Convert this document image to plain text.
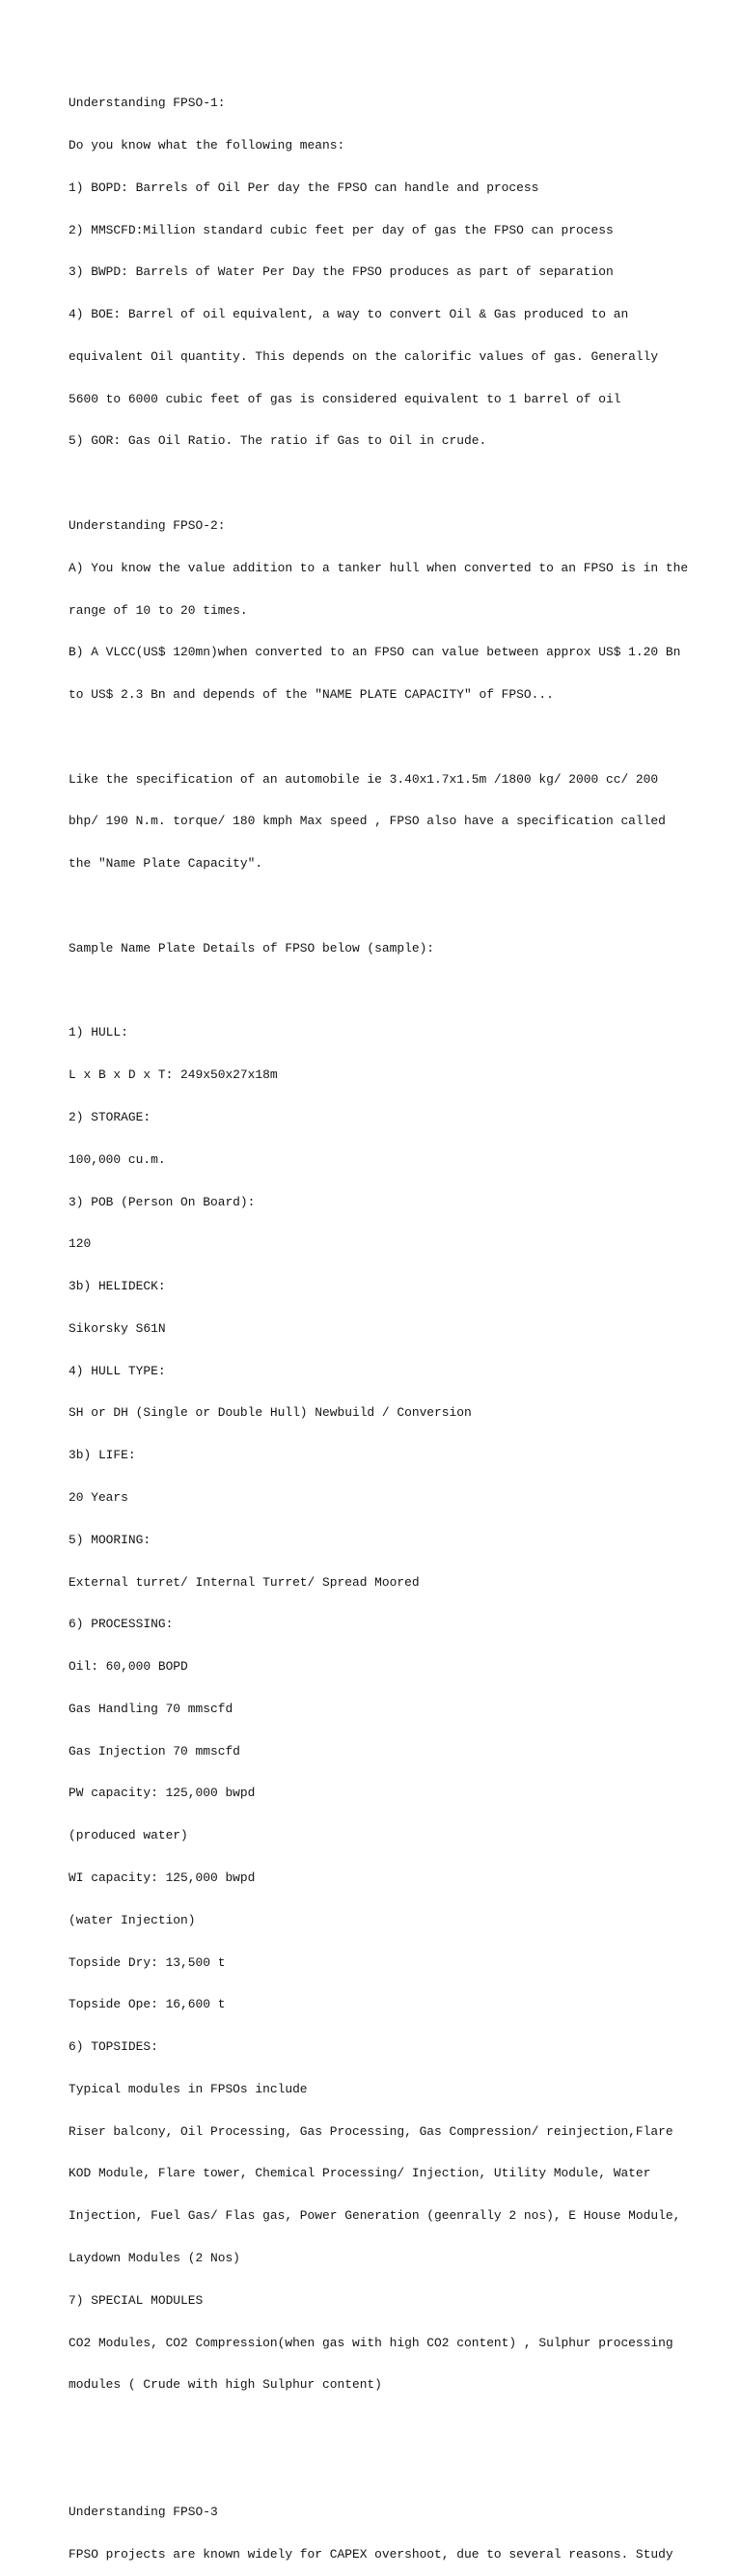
Understanding FPSO-1:

Do you know what the following means:

1) BOPD: Barrels of Oil Per day the FPSO can handle and process

2) MMSCFD:Million standard cubic feet per day of gas the FPSO can process

3) BWPD: Barrels of Water Per Day the FPSO produces as part of separation

4) BOE: Barrel of oil equivalent, a way to convert Oil & Gas produced to an

equivalent Oil quantity. This depends on the calorific values of gas. Generally

5600 to 6000 cubic feet of gas is considered equivalent to 1 barrel of oil

5) GOR: Gas Oil Ratio. The ratio if Gas to Oil in crude.

Understanding FPSO-2:

A) You know the value addition to a tanker hull when converted to an FPSO is in the

range of 10 to 20 times.

B) A VLCC(US$ 120mn)when converted to an FPSO can value between approx US$ 1.20 Bn

to US$ 2.3 Bn and depends of the "NAME PLATE CAPACITY" of FPSO...

Like the specification of an automobile ie 3.40x1.7x1.5m /1800 kg/ 2000 cc/ 200

bhp/ 190 N.m. torque/ 180 kmph Max speed , FPSO also have a specification called

the "Name Plate Capacity".

Sample Name Plate Details of FPSO below (sample):

1) HULL:

L x B x D x T: 249x50x27x18m

2) STORAGE:

100,000 cu.m.

3) POB (Person On Board):

120

3b) HELIDECK:

Sikorsky S61N

4) HULL TYPE:

SH or DH (Single or Double Hull) Newbuild / Conversion

3b) LIFE:

20 Years

5) MOORING:

External turret/ Internal Turret/ Spread Moored

6) PROCESSING:

Oil: 60,000 BOPD

Gas Handling 70 mmscfd

Gas Injection 70 mmscfd

PW capacity: 125,000 bwpd

(produced water)

WI capacity: 125,000 bwpd

(water Injection)

Topside Dry: 13,500 t

Topside Ope: 16,600 t

6) TOPSIDES:

Typical modules in FPSOs include

Riser balcony, Oil Processing, Gas Processing, Gas Compression/ reinjection,Flare

KOD Module, Flare tower, Chemical Processing/ Injection, Utility Module, Water

Injection, Fuel Gas/ Flas gas, Power Generation (geenrally 2 nos), E House Module,

Laydown Modules (2 Nos)

7) SPECIAL MODULES

CO2 Modules, CO2 Compression(when gas with high CO2 content) , Sulphur processing

modules ( Crude with high Sulphur content)

Understanding FPSO-3

FPSO projects are known widely for CAPEX overshoot, due to several reasons. Study
